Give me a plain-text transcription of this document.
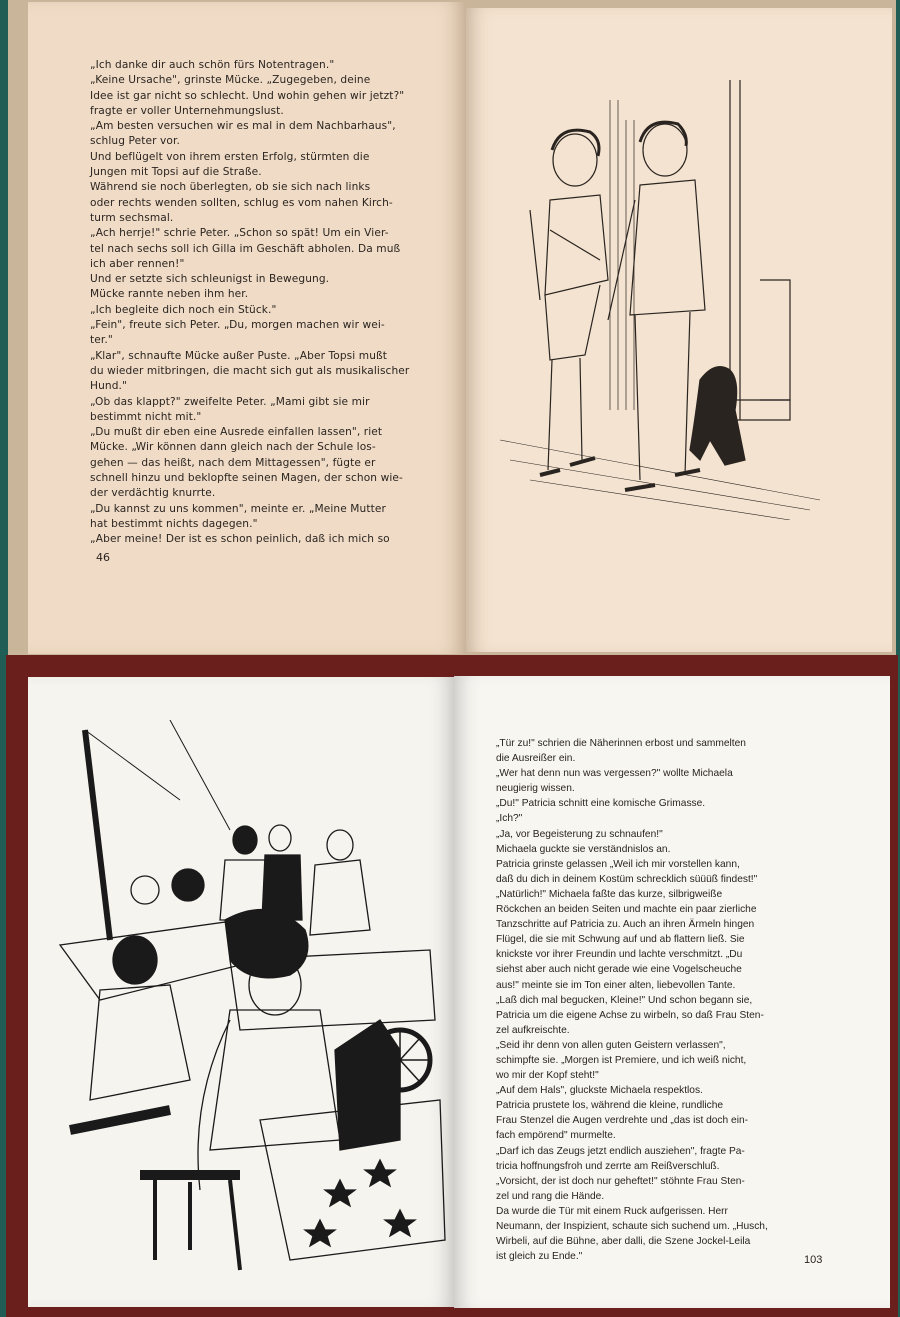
„Ich danke dir auch schön fürs Notentragen."
„Keine Ursache", grinste Mücke. „Zugegeben, deine
Idee ist gar nicht so schlecht. Und wohin gehen wir jetzt?"
fragte er voller Unternehmungslust.
„Am besten versuchen wir es mal in dem Nachbarhaus",
schlug Peter vor.
Und beflügelt von ihrem ersten Erfolg, stürmten die
Jungen mit Topsi auf die Straße.
Während sie noch überlegten, ob sie sich nach links
oder rechts wenden sollten, schlug es vom nahen Kirch-
turm sechsmal.
„Ach herrje!" schrie Peter. „Schon so spät! Um ein Vier-
tel nach sechs soll ich Gilla im Geschäft abholen. Da muß
ich aber rennen!"
Und er setzte sich schleunigst in Bewegung.
Mücke rannte neben ihm her.
„Ich begleite dich noch ein Stück."
„Fein", freute sich Peter. „Du, morgen machen wir wei-
ter."
„Klar", schnaufte Mücke außer Puste. „Aber Topsi mußt
du wieder mitbringen, die macht sich gut als musikalischer
Hund."
„Ob das klappt?" zweifelte Peter. „Mami gibt sie mir
bestimmt nicht mit."
„Du mußt dir eben eine Ausrede einfallen lassen", riet
Mücke. „Wir können dann gleich nach der Schule los-
gehen — das heißt, nach dem Mittagessen", fügte er
schnell hinzu und beklopfte seinen Magen, der schon wie-
der verdächtig knurrte.
„Du kannst zu uns kommen", meinte er. „Meine Mutter
hat bestimmt nichts dagegen."
„Aber meine! Der ist es schon peinlich, daß ich mich so
46
„Tür zu!" schrien die Näherinnen erbost und sammelten
die Ausreißer ein.
„Wer hat denn nun was vergessen?" wollte Michaela
neugierig wissen.
„Du!" Patricia schnitt eine komische Grimasse.
„Ich?"
„Ja, vor Begeisterung zu schnaufen!"
Michaela guckte sie verständnislos an.
Patricia grinste gelassen „Weil ich mir vorstellen kann,
daß du dich in deinem Kostüm schrecklich süüüß findest!"
„Natürlich!" Michaela faßte das kurze, silbrigweiße
Röckchen an beiden Seiten und machte ein paar zierliche
Tanzschritte auf Patricia zu. Auch an ihren Ärmeln hingen
Flügel, die sie mit Schwung auf und ab flattern ließ. Sie
knickste vor ihrer Freundin und lachte verschmitzt. „Du
siehst aber auch nicht gerade wie eine Vogelscheuche
aus!" meinte sie im Ton einer alten, liebevollen Tante.
„Laß dich mal begucken, Kleine!" Und schon begann sie,
Patricia um die eigene Achse zu wirbeln, so daß Frau Sten-
zel aufkreischte.
„Seid ihr denn von allen guten Geistern verlassen",
schimpfte sie. „Morgen ist Premiere, und ich weiß nicht,
wo mir der Kopf steht!"
„Auf dem Hals", gluckste Michaela respektlos.
Patricia prustete los, während die kleine, rundliche
Frau Stenzel die Augen verdrehte und „das ist doch ein-
fach empörend" murmelte.
„Darf ich das Zeugs jetzt endlich ausziehen", fragte Pa-
tricia hoffnungsfroh und zerrte am Reißverschluß.
„Vorsicht, der ist doch nur geheftet!" stöhnte Frau Sten-
zel und rang die Hände.
Da wurde die Tür mit einem Ruck aufgerissen. Herr
Neumann, der Inspizient, schaute sich suchend um. „Husch,
Wirbeli, auf die Bühne, aber dalli, die Szene Jockel-Leila
ist gleich zu Ende."	103
